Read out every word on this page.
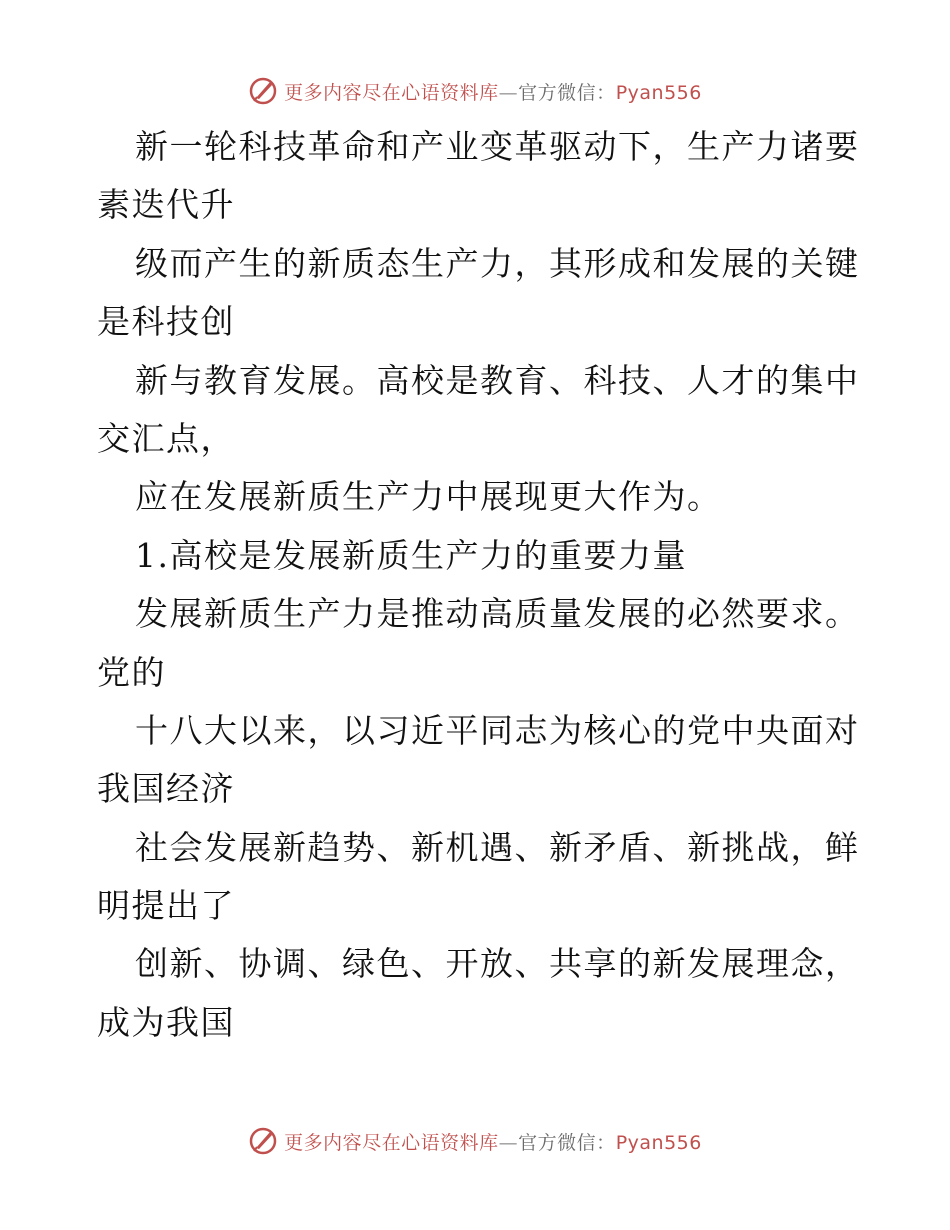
更多内容尽在心语资料库—官方微信：Pyan556
新一轮科技革命和产业变革驱动下，生产力诸要
素迭代升
级而产生的新质态生产力，其形成和发展的关键
是科技创
新与教育发展。高校是教育、科技、人才的集中
交汇点，
应在发展新质生产力中展现更大作为。
1.高校是发展新质生产力的重要力量
发展新质生产力是推动高质量发展的必然要求。
党的
十八大以来，以习近平同志为核心的党中央面对
我国经济
社会发展新趋势、新机遇、新矛盾、新挑战，鲜
明提出了
创新、协调、绿色、开放、共享的新发展理念，
成为我国
更多内容尽在心语资料库—官方微信：Pyan556
